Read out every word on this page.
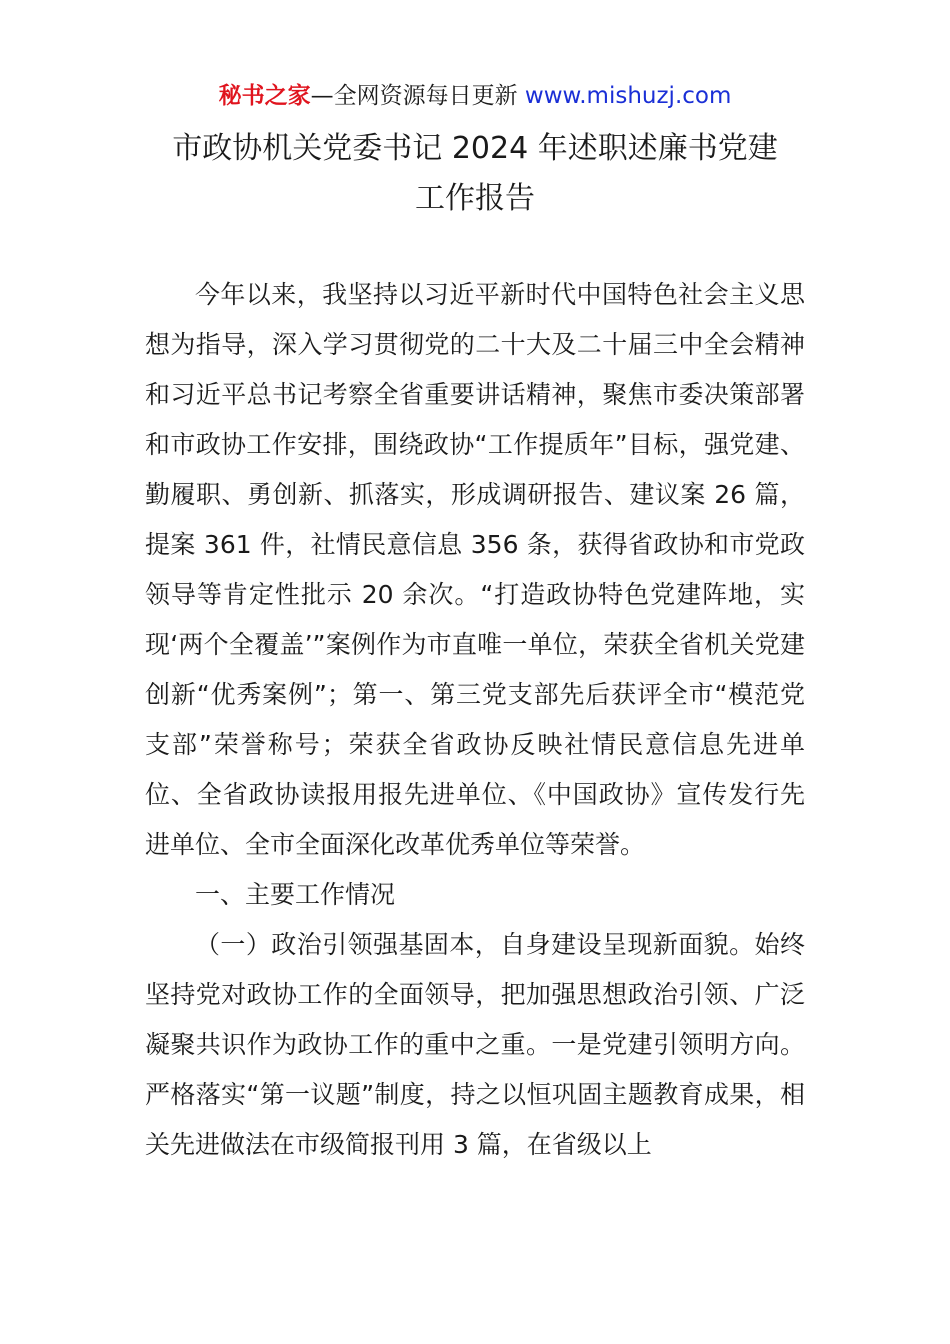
秘书之家—全网资源每日更新 www.mishuzj.com
市政协机关党委书记 2024 年述职述廉书党建
工作报告

今年以来，我坚持以习近平新时代中国特色社会主义思想为指导，深入学习贯彻党的二十大及二十届三中全会精神和习近平总书记考察全省重要讲话精神，聚焦市委决策部署和市政协工作安排，围绕政协“工作提质年”目标，强党建、勤履职、勇创新、抓落实，形成调研报告、建议案 26 篇，提案 361 件，社情民意信息 356 条，获得省政协和市党政领导等肯定性批示 20 余次。“打造政协特色党建阵地，实现‘两个全覆盖’”案例作为市直唯一单位，荣获全省机关党建创新“优秀案例”；第一、第三党支部先后获评全市“模范党支部”荣誉称号；荣获全省政协反映社情民意信息先进单位、全省政协读报用报先进单位、《中国政协》宣传发行先进单位、全市全面深化改革优秀单位等荣誉。

一、主要工作情况

（一）政治引领强基固本，自身建设呈现新面貌。始终坚持党对政协工作的全面领导，把加强思想政治引领、广泛凝聚共识作为政协工作的重中之重。一是党建引领明方向。严格落实“第一议题”制度，持之以恒巩固主题教育成果，相关先进做法在市级简报刊用 3 篇，在省级以上
